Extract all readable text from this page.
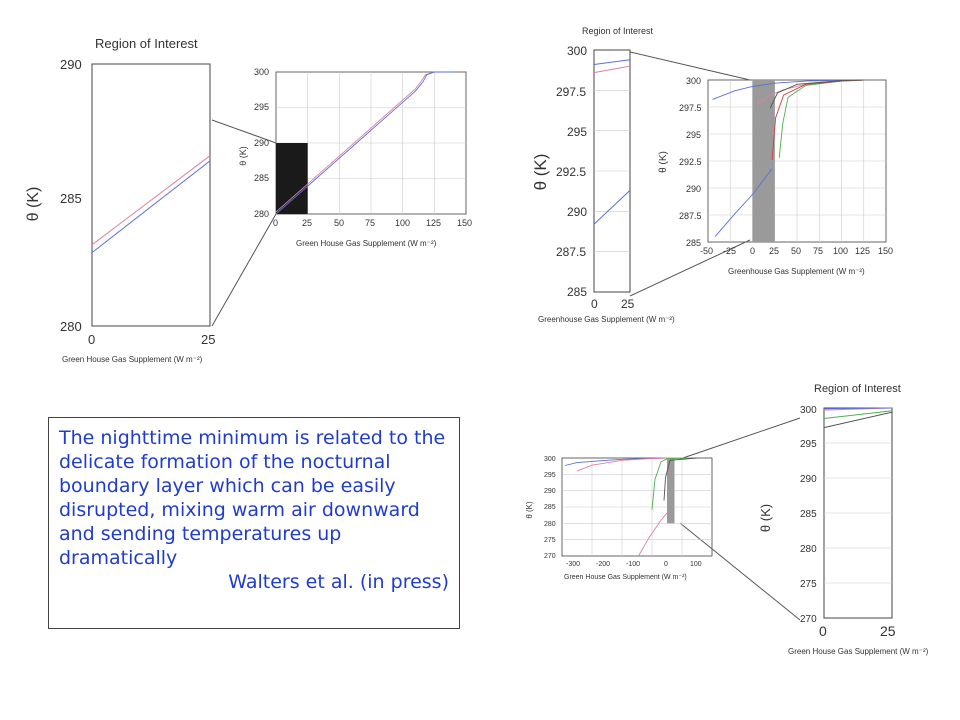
Region of Interest
θ (K)
280
285
290
0	25
Green House Gas Supplement (W m⁻²)
280
285
290
295
300
0	25 50 75 100 125 150
θ (K)
Green House Gas Supplement (W m⁻²)
Region of Interest
θ (K)
285
287.5
290
292.5
295
297.5
300
0 25
Greenhouse Gas Supplement (W m⁻²)
θ (K)
285
287.5
290
292.5
295
297.5
300
-50 -25 0 25 50 75 100 125 150
Greenhouse Gas Supplement (W m⁻²)
The nighttime minimum is related to the delicate formation of the nocturnal boundary layer which can be easily disrupted, mixing warm air downward and sending temperatures up dramatically
Walters et al. (in press)
θ (K)
270
275
280
285
290
295
300
-300 -200 -100	0	100
Green House Gas Supplement (W m⁻²)
Region of Interest
θ (K)
270
275
280
285
290
295
300
0	25
Green House Gas Supplement (W m⁻²)
